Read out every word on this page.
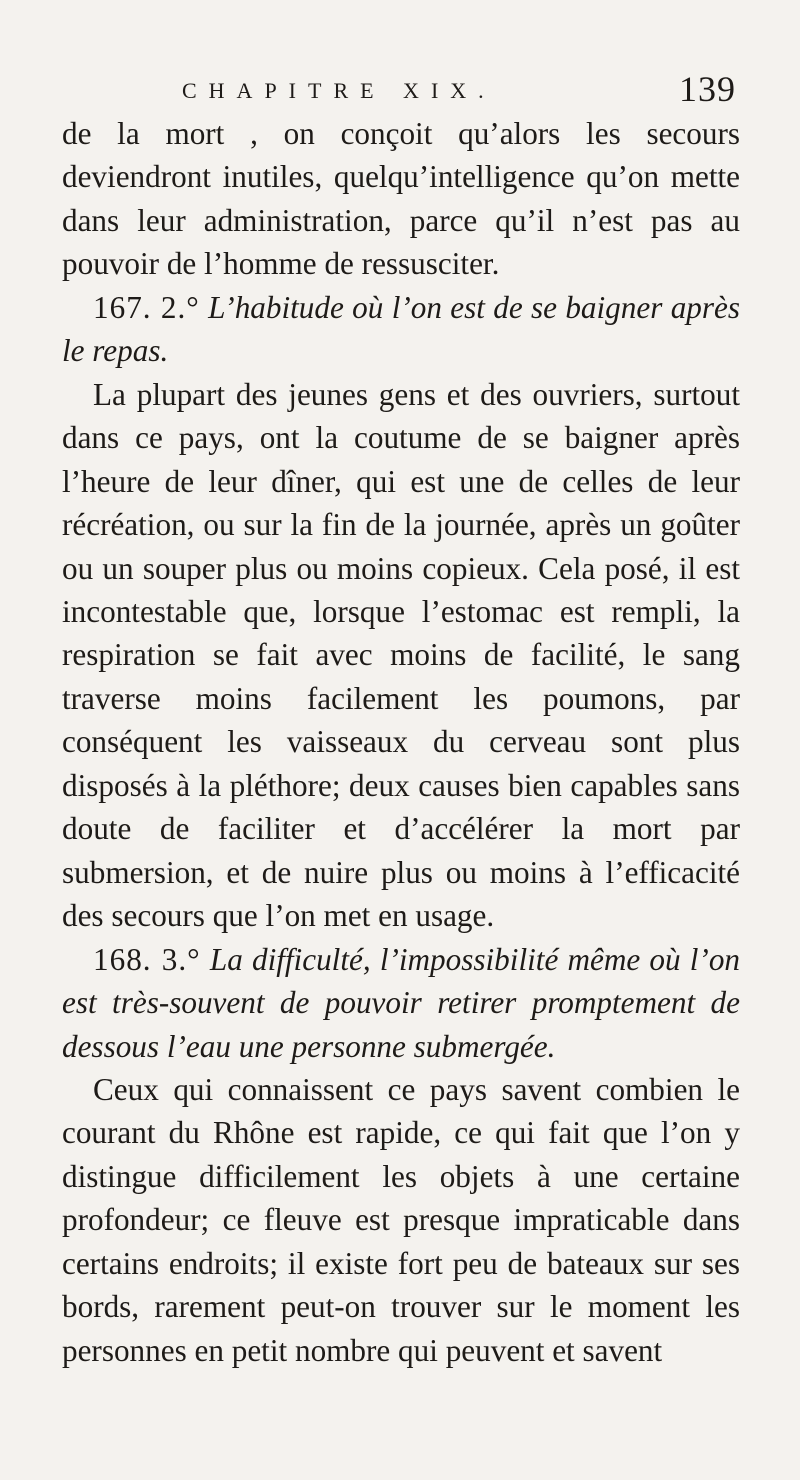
CHAPITRE XIX.	139

de la mort , on conçoit qu’alors les secours deviendront inutiles, quelqu’intelligence qu’on mette dans leur administration, parce qu’il n’est pas au pouvoir de l’homme de ressusciter.

167. 2.° L’habitude où l’on est de se baigner après le repas.

La plupart des jeunes gens et des ouvriers, surtout dans ce pays, ont la coutume de se baigner après l’heure de leur dîner, qui est une de celles de leur récréation, ou sur la fin de la journée, après un goûter ou un souper plus ou moins copieux. Cela posé, il est incontestable que, lorsque l’estomac est rempli, la respiration se fait avec moins de facilité, le sang traverse moins facilement les poumons, par conséquent les vaisseaux du cerveau sont plus disposés à la pléthore; deux causes bien capables sans doute de faciliter et d’accélérer la mort par submersion, et de nuire plus ou moins à l’efficacité des secours que l’on met en usage.

168. 3.° La difficulté, l’impossibilité même où l’on est très-souvent de pouvoir retirer promptement de dessous l’eau une personne submergée.

Ceux qui connaissent ce pays savent combien le courant du Rhône est rapide, ce qui fait que l’on y distingue difficilement les objets à une certaine profondeur; ce fleuve est presque impraticable dans certains endroits; il existe fort peu de bateaux sur ses bords, rarement peut-on trouver sur le moment les personnes en petit nombre qui peuvent et savent
